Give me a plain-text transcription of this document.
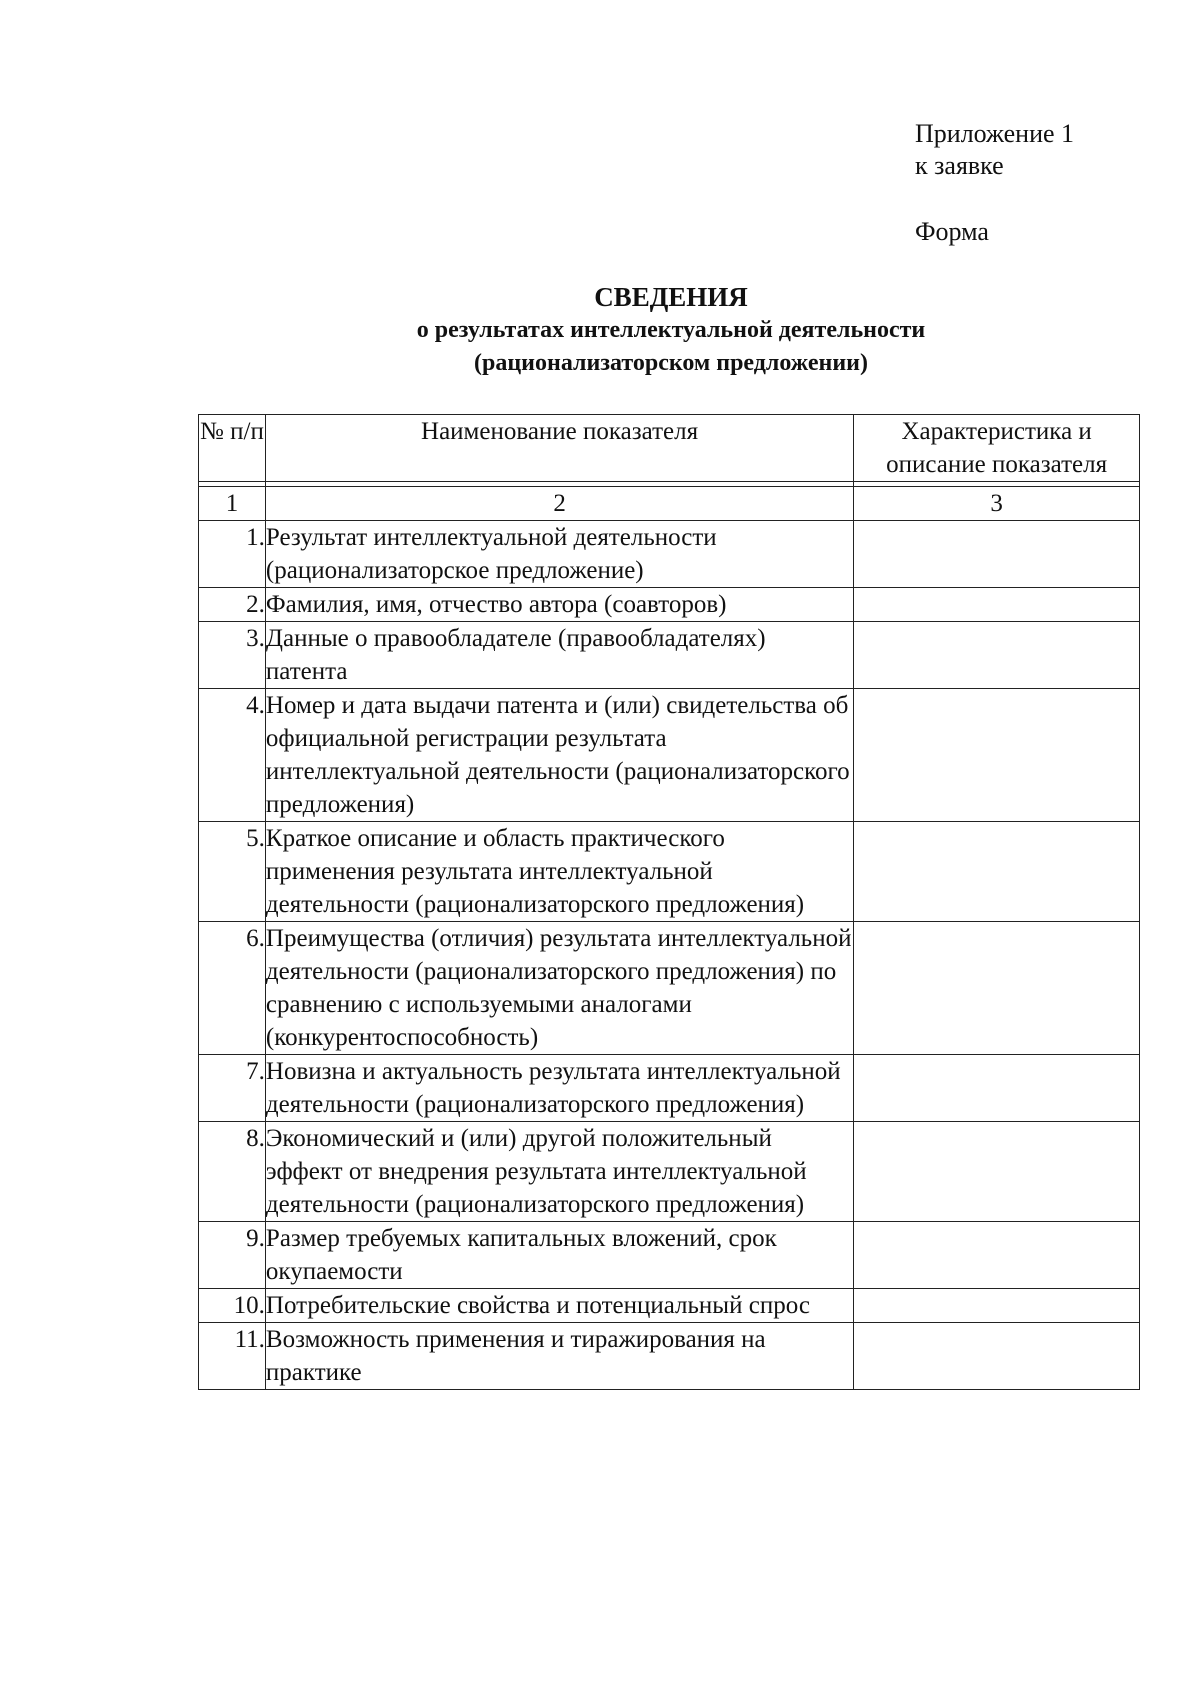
Приложение 1
к заявке
Форма
СВЕДЕНИЯ
о результатах интеллектуальной деятельности
(рационализаторском предложении)
№ п/п	Наименование показателя	Характеристика и описание показателя

1	2	3
1.	Результат интеллектуальной деятельности (рационализаторское предложение)	
2.	Фамилия, имя, отчество автора (соавторов)	
3.	Данные о правообладателе (правообладателях) патента	
4.	Номер и дата выдачи патента и (или) свидетельства об официальной регистрации результата интеллектуальной деятельности (рационализаторского предложения)	
5.	Краткое описание и область практического применения результата интеллектуальной деятельности (рационализаторского предложения)	
6.	Преимущества (отличия) результата интеллектуальной деятельности (рационализаторского предложения) по сравнению с используемыми аналогами (конкурентоспособность)	
7.	Новизна и актуальность результата интеллектуальной деятельности (рационализаторского предложения)	
8.	Экономический и (или) другой положительный эффект от внедрения результата интеллектуальной деятельности (рационализаторского предложения)	
9.	Размер требуемых капитальных вложений, срок окупаемости	
10.	Потребительские свойства и потенциальный спрос	
11.	Возможность применения и тиражирования на практике	
